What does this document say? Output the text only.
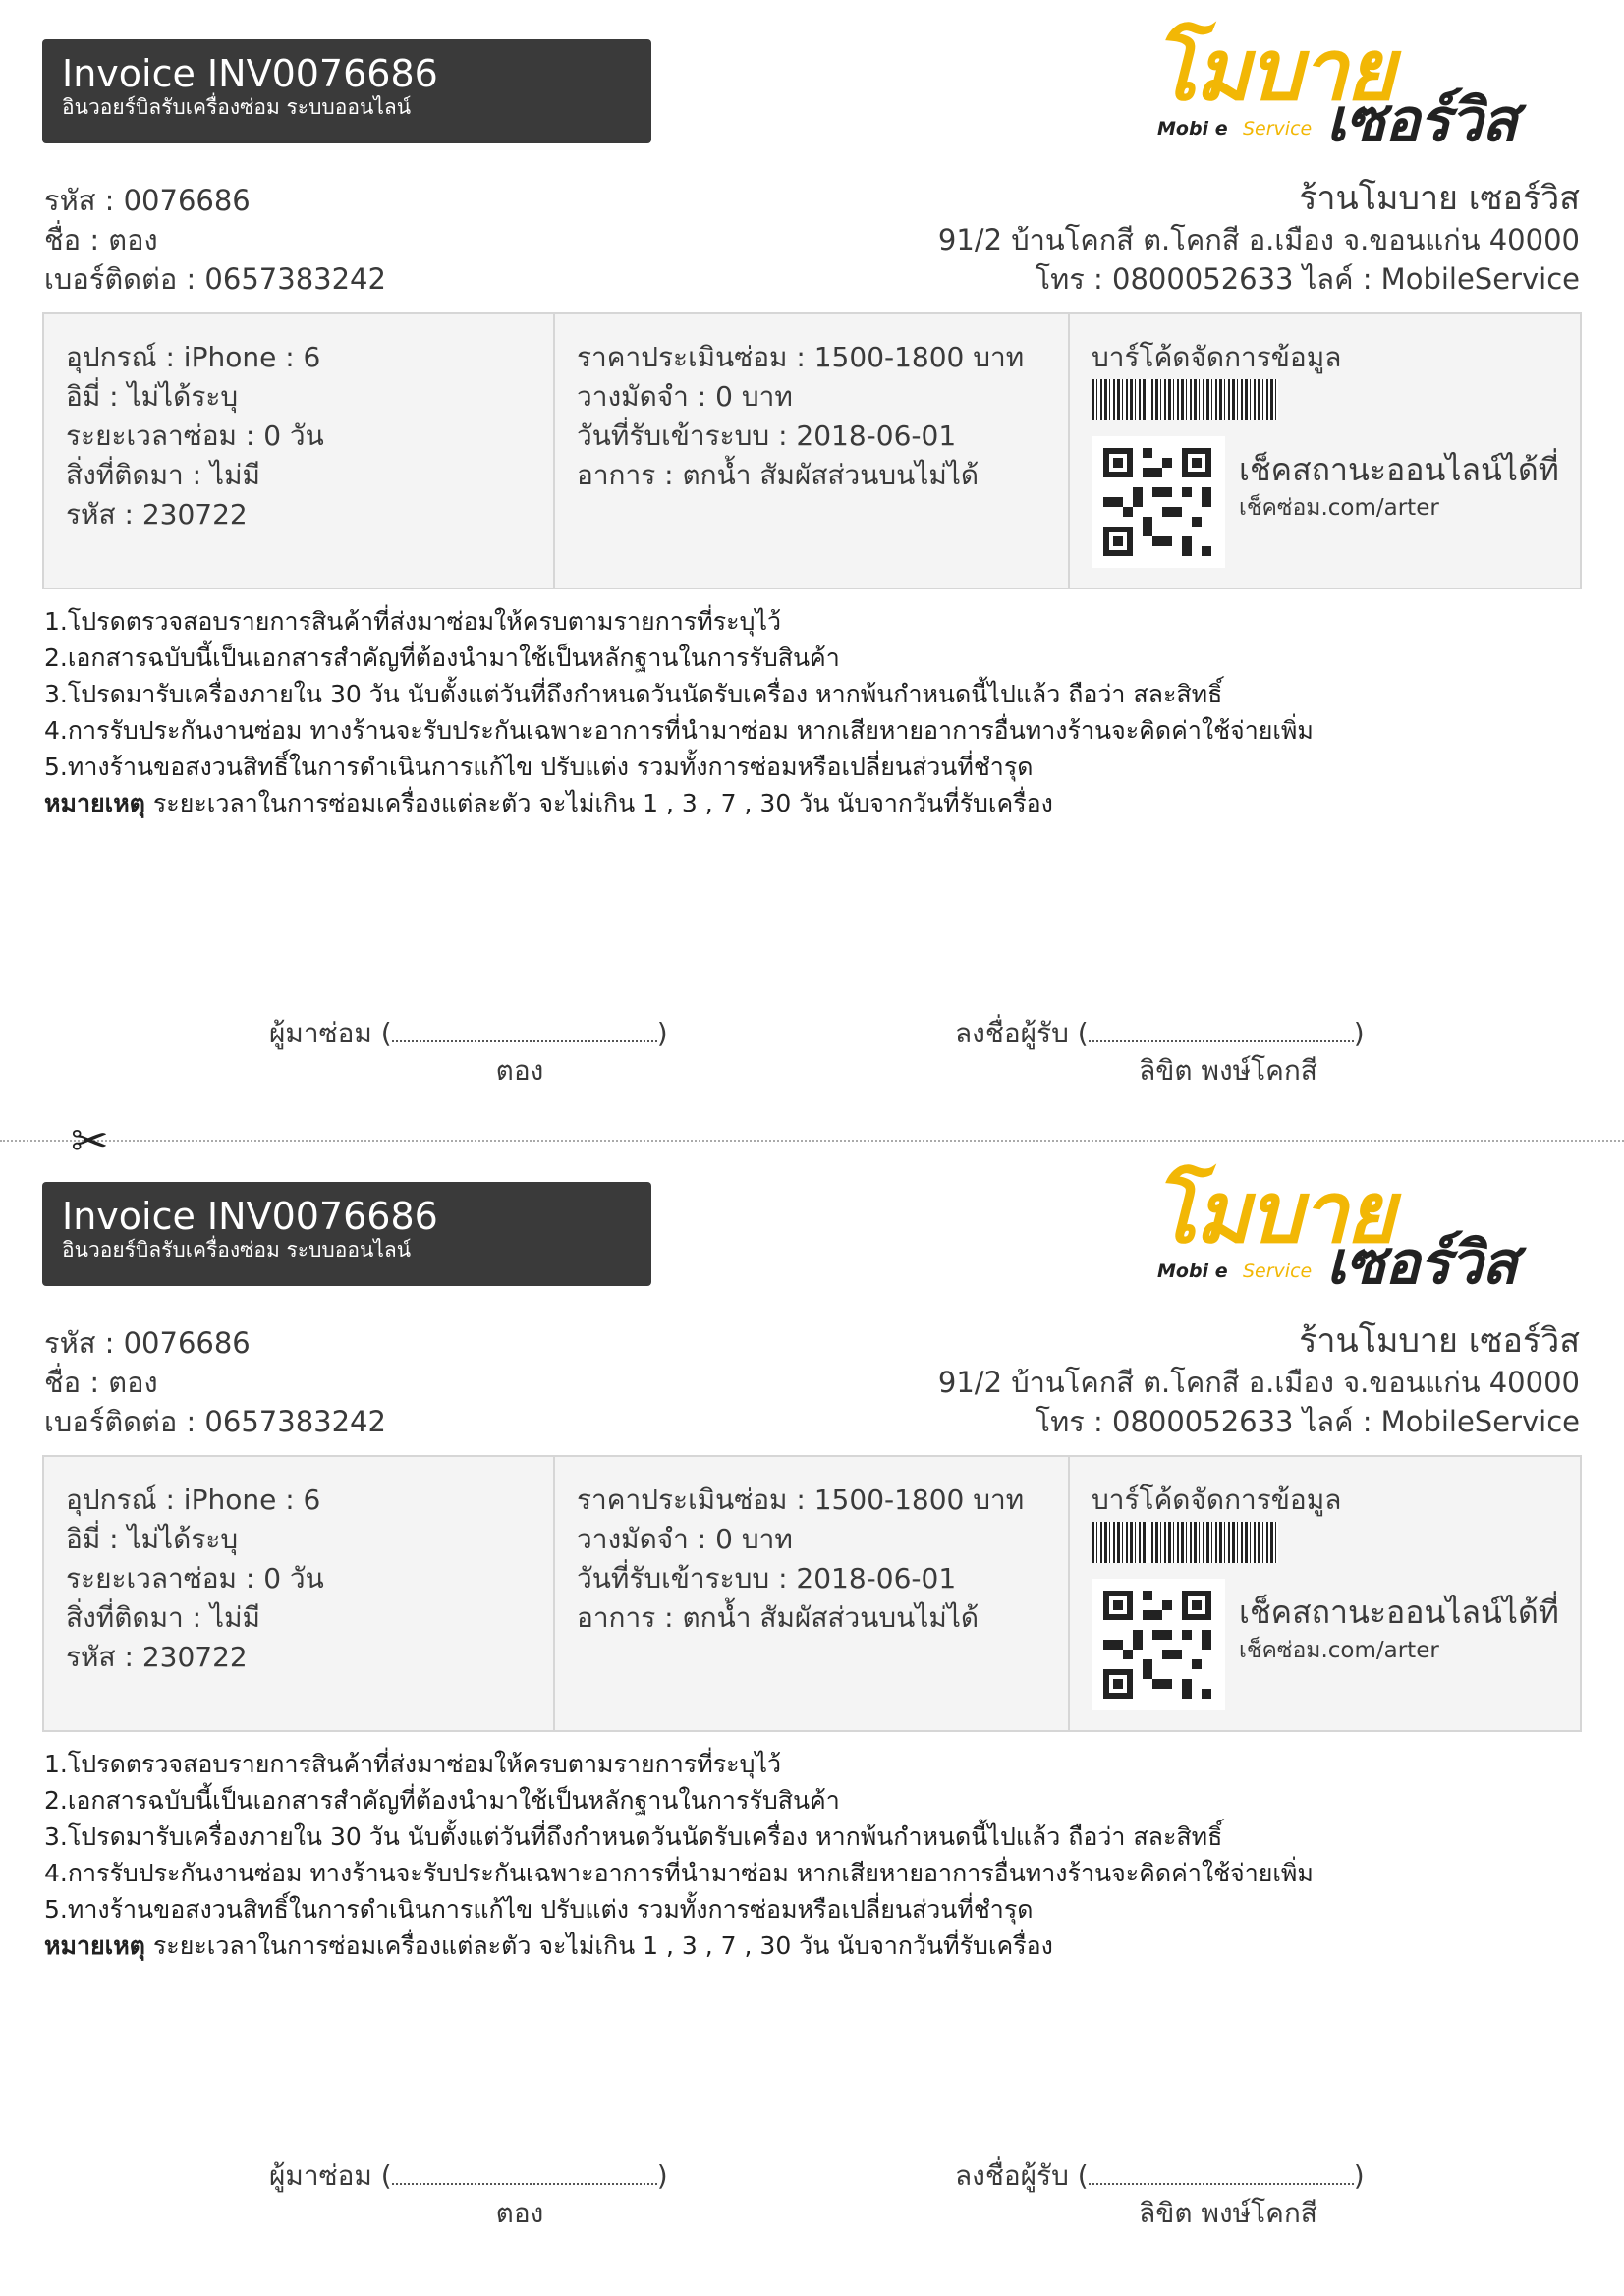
Invoice INV0076686
อินวอยร์บิลรับเครื่องซ่อม ระบบออนไลน์	โมบาย
เซอร์วิส
Mobi e Service
รหัส : 0076686
ชื่อ : ตอง
เบอร์ติดต่อ : 0657383242
ร้านโมบาย เซอร์วิส
91/2 บ้านโคกสี ต.โคกสี อ.เมือง จ.ขอนแก่น 40000
โทร : 0800052633 ไลค์ : MobileService
อุปกรณ์ : iPhone : 6
อิมี่ : ไม่ได้ระบุ
ระยะเวลาซ่อม : 0 วัน
สิ่งที่ติดมา : ไม่มี
รหัส : 230722
ราคาประเมินซ่อม : 1500-1800 บาท
วางมัดจำ : 0 บาท
วันที่รับเข้าระบบ : 2018-06-01
อาการ : ตกน้ำ สัมผัสส่วนบนไม่ได้
บาร์โค้ดจัดการข้อมูล
เช็คสถานะออนไลน์ได้ที่
เช็คซ่อม.com/arter
1.โปรดตรวจสอบรายการสินค้าที่ส่งมาซ่อมให้ครบตามรายการที่ระบุไว้
2.เอกสารฉบับนี้เป็นเอกสารสำคัญที่ต้องนำมาใช้เป็นหลักฐานในการรับสินค้า
3.โปรดมารับเครื่องภายใน 30 วัน นับตั้งแต่วันที่ถึงกำหนดวันนัดรับเครื่อง หากพ้นกำหนดนี้ไปแล้ว ถือว่า สละสิทธิ์
4.การรับประกันงานซ่อม ทางร้านจะรับประกันเฉพาะอาการที่นำมาซ่อม หากเสียหายอาการอื่นทางร้านจะคิดค่าใช้จ่ายเพิ่ม
5.ทางร้านขอสงวนสิทธิ์ในการดำเนินการแก้ไข ปรับแต่ง รวมทั้งการซ่อมหรือเปลี่ยนส่วนที่ชำรุด
หมายเหตุ ระยะเวลาในการซ่อมเครื่องแต่ละตัว จะไม่เกิน 1 , 3 , 7 , 30 วัน นับจากวันที่รับเครื่อง
ผู้มาซ่อม (	)
ตอง
ลงชื่อผู้รับ (	)
ลิขิต พงษ์โคกสี
✂
Invoice INV0076686
อินวอยร์บิลรับเครื่องซ่อม ระบบออนไลน์	โมบาย
เซอร์วิส
Mobi e Service
รหัส : 0076686
ชื่อ : ตอง
เบอร์ติดต่อ : 0657383242
ร้านโมบาย เซอร์วิส
91/2 บ้านโคกสี ต.โคกสี อ.เมือง จ.ขอนแก่น 40000
โทร : 0800052633 ไลค์ : MobileService
อุปกรณ์ : iPhone : 6
อิมี่ : ไม่ได้ระบุ
ระยะเวลาซ่อม : 0 วัน
สิ่งที่ติดมา : ไม่มี
รหัส : 230722
ราคาประเมินซ่อม : 1500-1800 บาท
วางมัดจำ : 0 บาท
วันที่รับเข้าระบบ : 2018-06-01
อาการ : ตกน้ำ สัมผัสส่วนบนไม่ได้
บาร์โค้ดจัดการข้อมูล
เช็คสถานะออนไลน์ได้ที่
เช็คซ่อม.com/arter
1.โปรดตรวจสอบรายการสินค้าที่ส่งมาซ่อมให้ครบตามรายการที่ระบุไว้
2.เอกสารฉบับนี้เป็นเอกสารสำคัญที่ต้องนำมาใช้เป็นหลักฐานในการรับสินค้า
3.โปรดมารับเครื่องภายใน 30 วัน นับตั้งแต่วันที่ถึงกำหนดวันนัดรับเครื่อง หากพ้นกำหนดนี้ไปแล้ว ถือว่า สละสิทธิ์
4.การรับประกันงานซ่อม ทางร้านจะรับประกันเฉพาะอาการที่นำมาซ่อม หากเสียหายอาการอื่นทางร้านจะคิดค่าใช้จ่ายเพิ่ม
5.ทางร้านขอสงวนสิทธิ์ในการดำเนินการแก้ไข ปรับแต่ง รวมทั้งการซ่อมหรือเปลี่ยนส่วนที่ชำรุด
หมายเหตุ ระยะเวลาในการซ่อมเครื่องแต่ละตัว จะไม่เกิน 1 , 3 , 7 , 30 วัน นับจากวันที่รับเครื่อง
ผู้มาซ่อม (	)
ตอง
ลงชื่อผู้รับ (	)
ลิขิต พงษ์โคกสี
